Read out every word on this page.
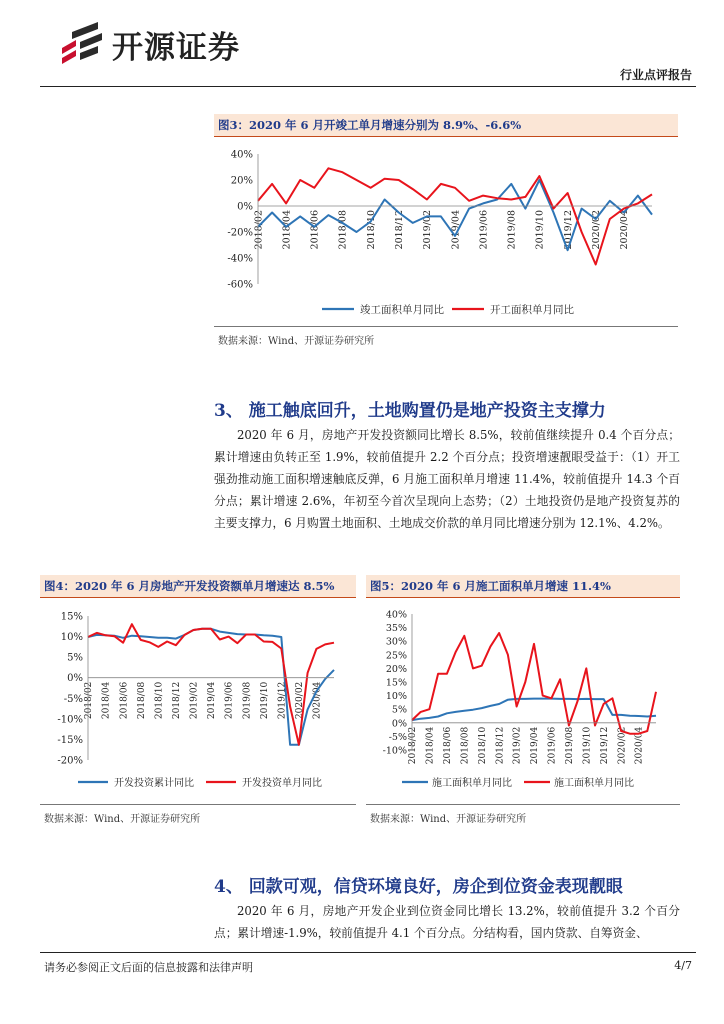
开源证券
行业点评报告
图3：2020 年 6 月开竣工单月增速分别为 8.9%、-6.6%
40%
20%
0%
-20%
-40%
-60%
2018/02 2018/04 2018/06 2018/08 2018/10 2018/12 2019/02 2019/04 2019/06 2019/08 2019/10 2019/12 2020/02 2020/04
竣工面积单月同比	开工面积单月同比
数据来源：Wind、开源证券研究所
3、 施工触底回升，土地购置仍是地产投资主支撑力
2020 年 6 月，房地产开发投资额同比增长 8.5%，较前值继续提升 0.4 个百分点；累计增速由负转正至 1.9%，较前值提升 2.2 个百分点；投资增速靓眼受益于：（1）开工强劲推动施工面积增速触底反弹，6 月施工面积单月增速 11.4%，较前值提升 14.3 个百分点；累计增速 2.6%，年初至今首次呈现向上态势；（2）土地投资仍是地产投资复苏的主要支撑力，6 月购置土地面积、土地成交价款的单月同比增速分别为 12.1%、4.2%。
图4：2020 年 6 月房地产开发投资额单月增速达 8.5%
15%
10%
5%
0%
-5%
-10%
-15%
-20%
2018/02 2018/04 2018/06 2018/08 2018/10 2018/12 2019/02 2019/04 2019/06 2019/08 2019/10 2019/12 2020/02 2020/04
开发投资累计同比	开发投资单月同比
数据来源：Wind、开源证券研究所
图5：2020 年 6 月施工面积单月增速 11.4%
40%
35%
30%
25%
20%
15%
10%
5%
0%
-5%
-10% 2018/02 2018/04 2018/06 2018/08 2018/10 2018/12 2019/02 2019/04 2019/06 2019/08 2019/10 2019/12 2020/02 2020/04
施工面积单月同比	施工面积单月同比
数据来源：Wind、开源证券研究所
4、 回款可观，信贷环境良好，房企到位资金表现靓眼
2020 年 6 月，房地产开发企业到位资金同比增长 13.2%，较前值提升 3.2 个百分点；累计增速-1.9%，较前值提升 4.1 个百分点。分结构看，国内贷款、自筹资金、
请务必参阅正文后面的信息披露和法律声明	4/7
